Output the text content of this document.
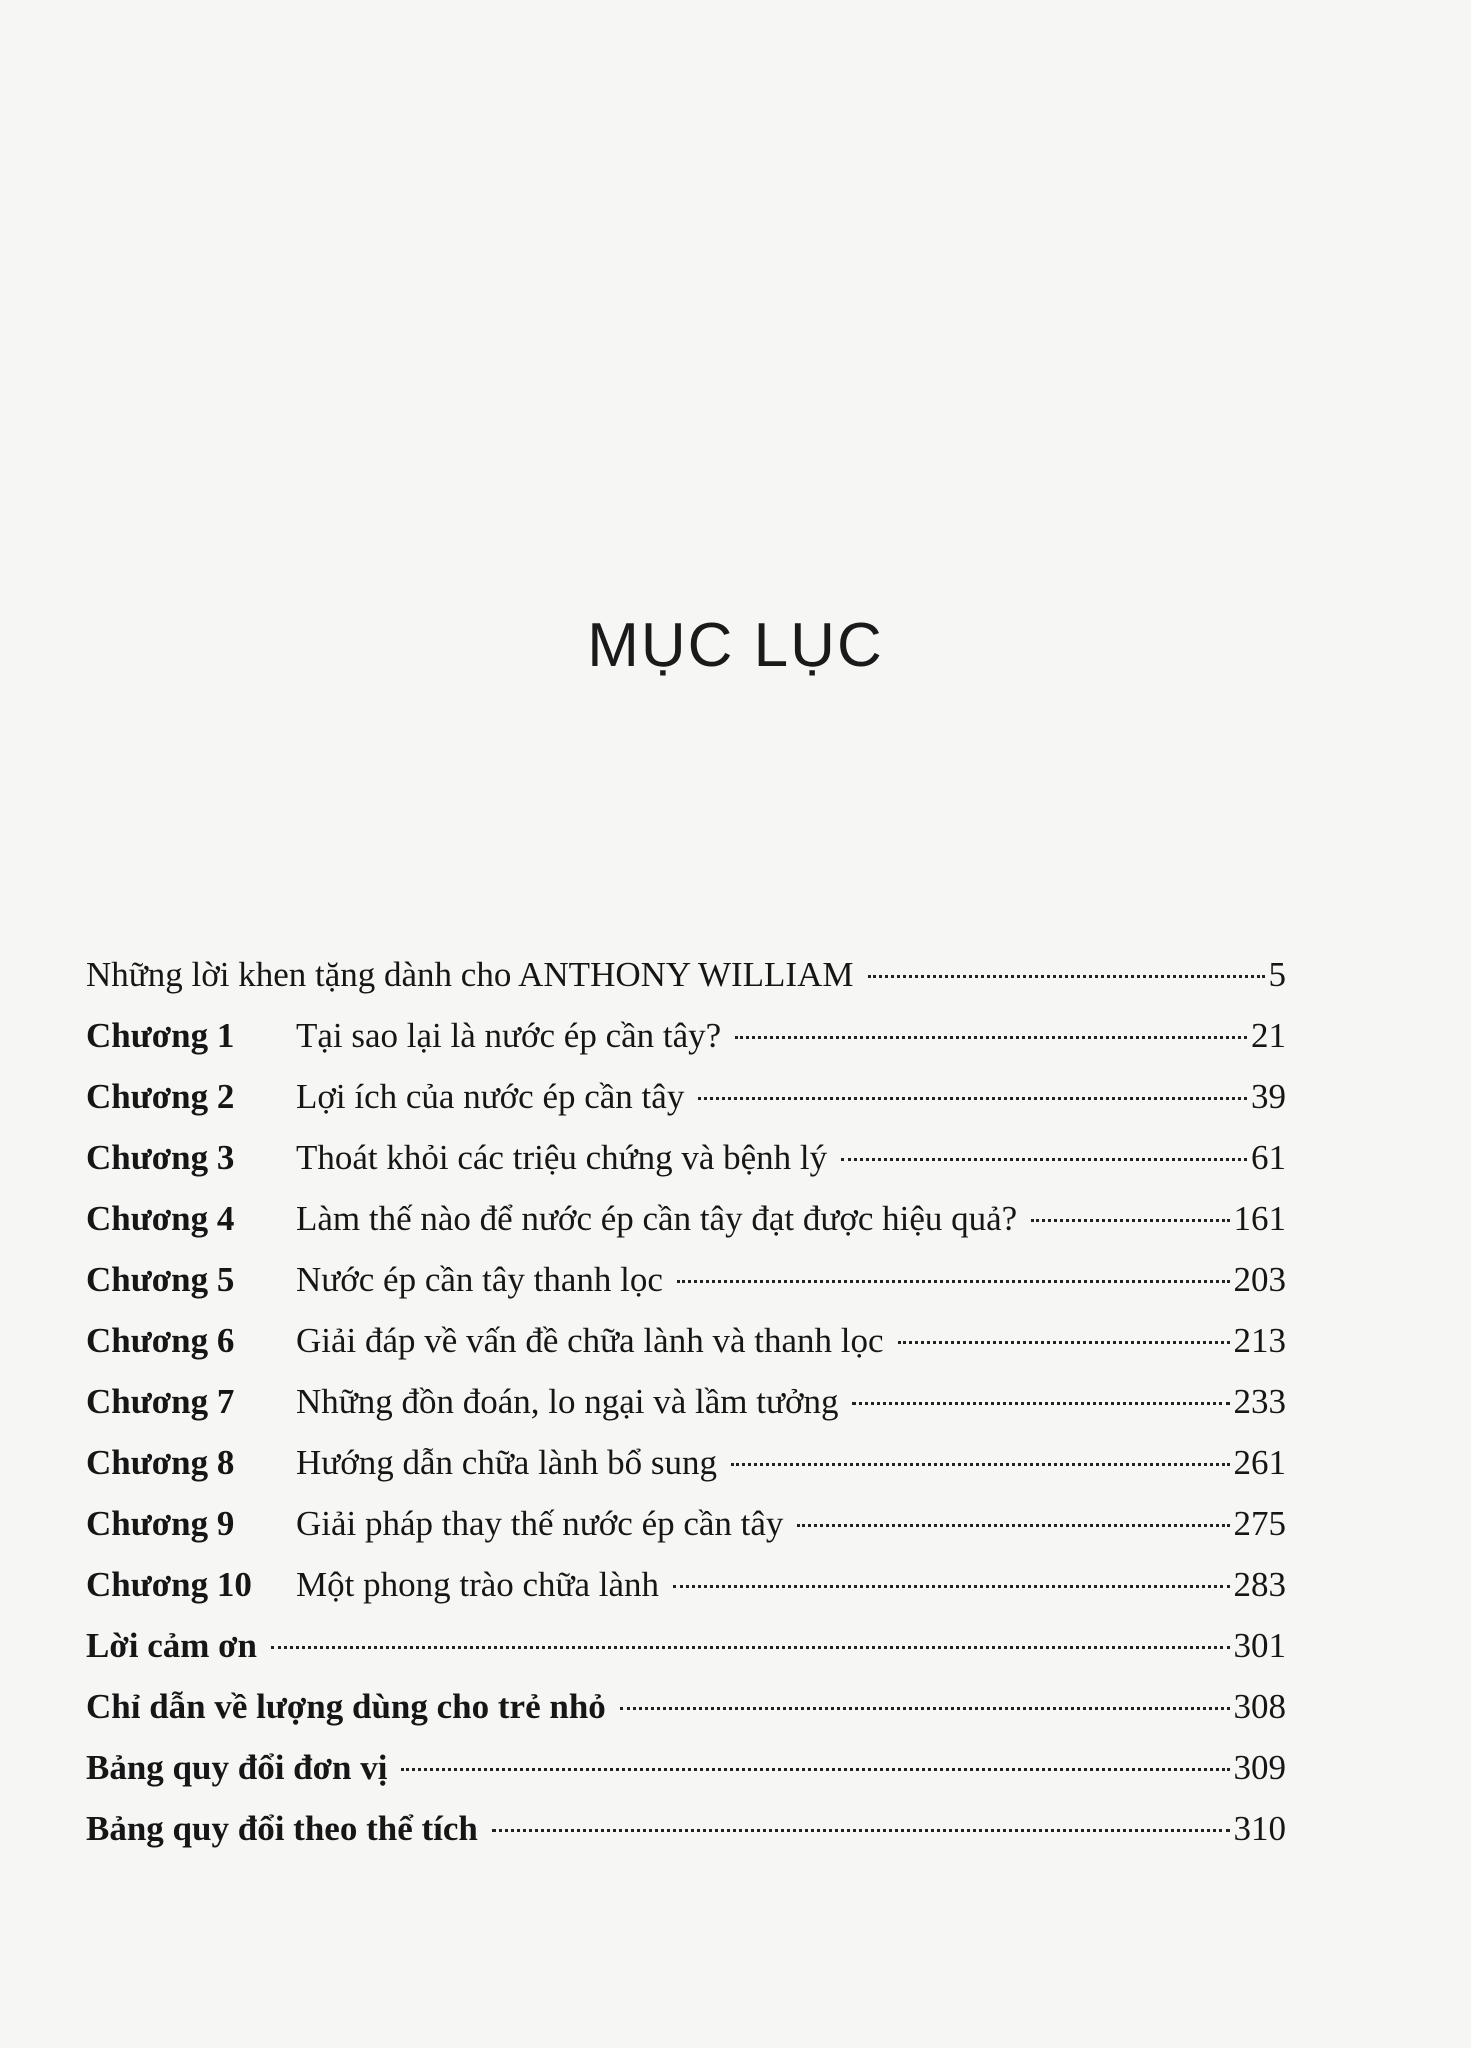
MỤC LỤC
Những lời khen tặng dành cho ANTHONY WILLIAM	5
Chương 1	Tại sao lại là nước ép cần tây?	21
Chương 2	Lợi ích của nước ép cần tây	39
Chương 3	Thoát khỏi các triệu chứng và bệnh lý	61
Chương 4	Làm thế nào để nước ép cần tây đạt được hiệu quả?	161
Chương 5	Nước ép cần tây thanh lọc	203
Chương 6	Giải đáp về vấn đề chữa lành và thanh lọc	213
Chương 7	Những đồn đoán, lo ngại và lầm tưởng	233
Chương 8	Hướng dẫn chữa lành bổ sung	261
Chương 9	Giải pháp thay thế nước ép cần tây	275
Chương 10	Một phong trào chữa lành	283
Lời cảm ơn	301
Chỉ dẫn về lượng dùng cho trẻ nhỏ	308
Bảng quy đổi đơn vị	309
Bảng quy đổi theo thể tích	310
